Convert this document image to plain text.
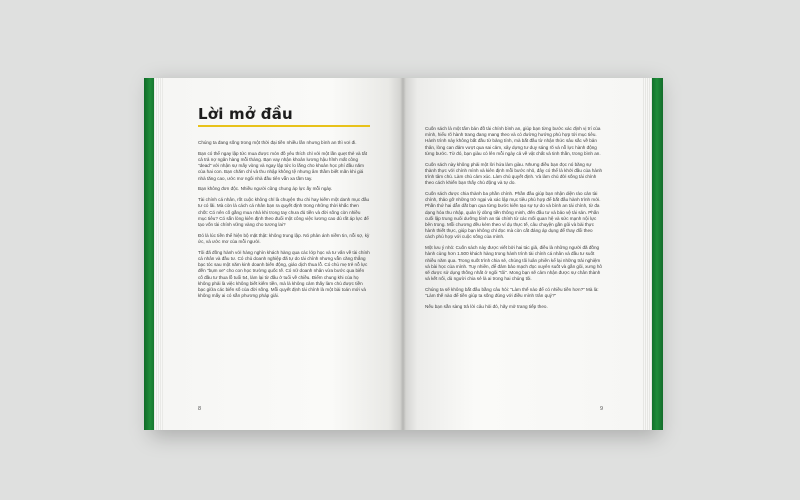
Lời mở đầu

Chúng ta đang sống trong một thời đại tiền nhiều lần nhưng bình an thì vơi đi.

Bạn có thể ngay lập tức mua được món đồ yêu thích chỉ với một lần quẹt thẻ và tất cả trả nợ ngân hàng mỗi tháng. Bạn vay nhận khoản lương hậu hĩnh mất công "dead" với nhận sự mấy vòng và ngay lập tức lo lắng cho khoản học phí đầu năm của hai con. Bạn chăm chỉ và thu nhập không tệ nhưng âm thầm biết mãn khi giá nhà tăng cao, ước mơ ngôi nhà đầu tiên vẫn xa tầm tay.

Bạn không đơn độc. Nhiều người cũng chung áp lực ấy mỗi ngày.

Tài chính cá nhân, rốt cuộc không chỉ là chuyện thu chi hay kiếm một danh mục đầu tư có lãi. Mà còn là cách cá nhân bạn ra quyết định trong những thời khắc then chốt: Có nên cố gắng mua nhà khi trong tay chưa đủ tiền và đời sống còn nhiều mục tiêu? Có sẵn lòng kiên định theo đuổi một công việc lương cao dù rất áp lực để tạo vốn tài chính vững vàng cho tương lai?

Đó là lúc tiền thể hiện bộ mặt thật: không trung lập. Nó phản ánh niềm tin, nỗi sợ, kỳ ức, và ước mơ của mỗi người.

Tôi đã đồng hành với hàng nghìn khách hàng qua các lớp học và tư vấn về tài chính cá nhân và đầu tư. Có chủ doanh nghiệp đã tự do tài chính nhưng vẫn căng thẳng bạc tóc sau một năm kinh doanh biến động, giáo dịch thua lỗ. Có chú mẹ trẻ nỗ lực đến "bụm xe" cho con học trường quốc tế. Có nữ doanh nhân vừa bước qua biến cố đầu tư thua lỗ tuổi 54, làm lại từ đầu ở tuổi về chiều. Điểm chung khi của họ không phải là việc không biết kiếm tiền, mà là không cảm thấy làm chủ được tiền bạc giữa các biến số của đời sống. Mỗi quyết định tài chính là một bài toán mới và không mấy ai có sẵn phương pháp giải.

8

Cuốn sách là một tấm bản đồ tài chính bình an, giúp bạn từng bước xác định vị trí của mình, hiểu rõ hành trang đang mang theo và có đường hướng phù hợp tới mục tiêu. Hành trình này không bắt đầu từ bảng tính, mà bắt đầu từ nhận thức sâu sắc về bản thân, lòng can đảm vượt qua sai cảm, xây dựng tư duy sáng rõ và nỗ lực hành động từng bước. Từ đó, bạn giàu có lên mỗi ngày cả về vật chất và tinh thần, trong bình an.

Cuốn sách này không phải một lời hứa làm giàu. Nhưng điều bạn đọc nó băng sự thành thực với chính mình và kiên định mỗi bước nhỏ, đây có thể là khởi đầu của hành trình tâm chủ. Làm chủ cảm xúc. Làm chủ quyết định. Và làm chủ đời sống tài chính theo cách khiến bạn thấy chủ động và tự do.

Cuốn sách được chia thành ba phần chính. Phần đầu giúp bạn nhận diện rào cản tài chính, thảo gỡ những trở ngại và xác lập mục tiêu phù hợp để bắt đầu hành trình mới. Phần thứ hai dẫn dắt bạn qua từng bước kiến tạo sự tự do và bình an tài chính, từ đa dạng hóa thu nhập, quản lý dòng tiền thông minh, đến đầu tư và bảo vệ tài sản. Phần cuối lập trung nuôi dưỡng bình an tài chính từ các mối quan hệ và sức mạnh nội lực bên trong. Mỗi chương đều kèm theo ví dụ thực tế, câu chuyện gần gũi và bài thực hành thiết thực, giúp bạn không chỉ đọc mà còn cất đáng áp dụng để thay đổi theo cách phù hợp với cuộc sống của mình.

Một lưu ý nhỏ: Cuốn sách này được viết bởi hai tác giả, điều là những người đã đồng hành cùng hơn 1.500 khách hàng trong hành trình tài chính cá nhân và đầu tư suốt nhiều năm qua. Trong suốt trình chia sẻ, chúng tôi luân phiên kể lại những trải nghiệm và bài học của mình. Tuy nhiên, để đảm bảo mạch đọc xuyên suốt và gần gũi, xưng hô sẽ được sử dụng thống nhất ở ngôi "tôi". Mong bạn sẽ cảm nhận được sự chân thành và kết nối, dù người chia sẻ là ai trong hai chúng tôi.

Chúng ta sẽ không bắt đầu bằng câu hỏi: "Làm thế nào để có nhiều tiền hơn?" Mà là: "Làm thế nào để tiền giúp ta sống đúng với điều mình trân quý?"

Nếu bạn sẵn sàng trả lời câu hỏi đó, hãy mở trang tiếp theo.

9
